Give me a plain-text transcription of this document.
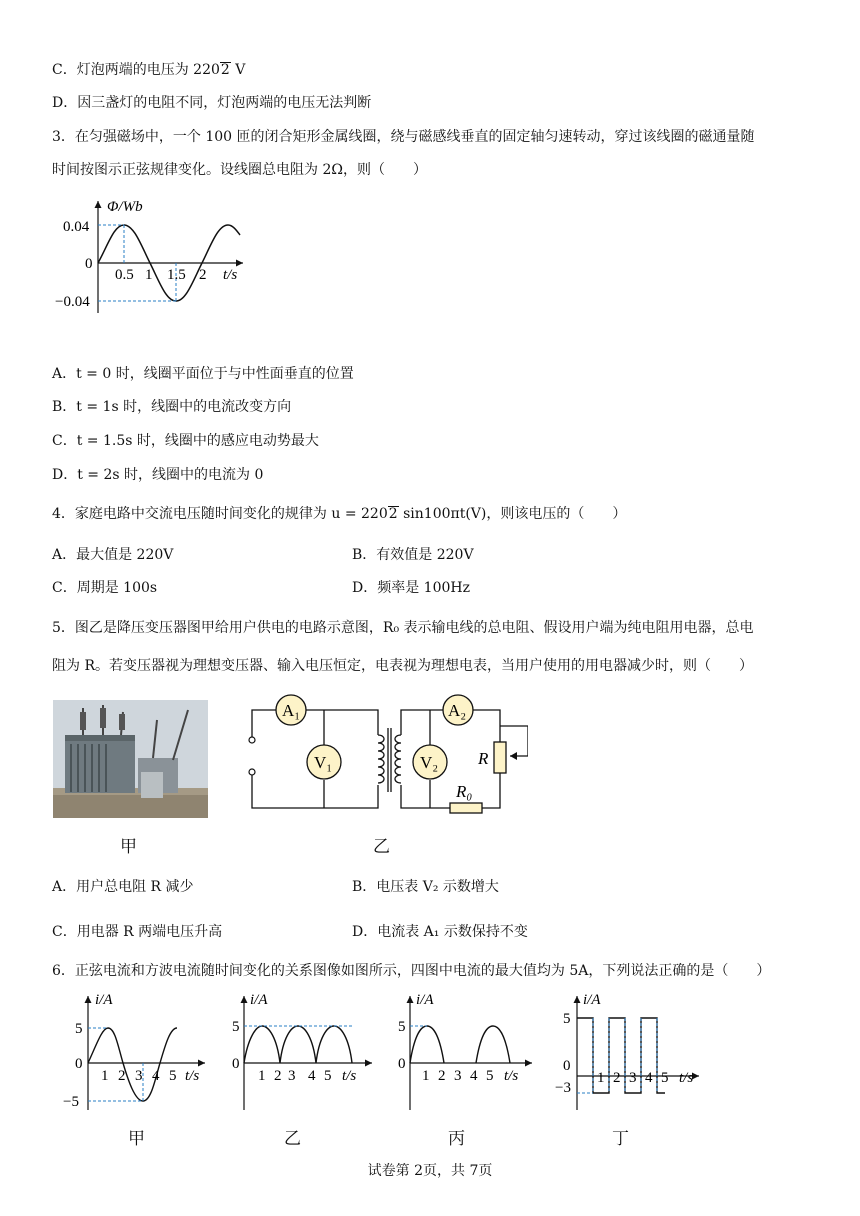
C．灯泡两端的电压为 2202 V
D．因三盏灯的电阻不同，灯泡两端的电压无法判断
3．在匀强磁场中，一个 100 匝的闭合矩形金属线圈，绕与磁感线垂直的固定轴匀速转动，穿过该线圈的磁通量随
时间按图示正弦规律变化。设线圈总电阻为 2Ω，则（　　）
Φ/Wb
0.04
0
−0.04
0.5 1 1.5 2 t/s
A．t = 0 时，线圈平面位于与中性面垂直的位置
B．t = 1s 时，线圈中的电流改变方向
C．t = 1.5s 时，线圈中的感应电动势最大
D．t = 2s 时，线圈中的电流为 0
4．家庭电路中交流电压随时间变化的规律为 u = 2202 sin100πt(V)，则该电压的（　　）
A．最大值是 220V	B．有效值是 220V
C．周期是 100s	D．频率是 100Hz
5．图乙是降压变压器图甲给用户供电的电路示意图，R₀ 表示输电线的总电阻、假设用户端为纯电阻用电器，总电
阻为 R。若变压器视为理想变压器、输入电压恒定，电表视为理想电表，当用户使用的用电器减少时，则（　　）
A₁
V₁
A₂
V₂ R
R₀
甲	乙
A．用户总电阻 R 减少	B．电压表 V₂ 示数增大
C．用电器 R 两端电压升高	D．电流表 A₁ 示数保持不变
6．正弦电流和方波电流随时间变化的关系图像如图所示，四图中电流的最大值均为 5A，下列说法正确的是（　　）
i/A
5
0
−5
1 2 3 4 5 t/s
i/A
5
0
1 2 3 4 5 t/s
i/A
5
0
1 2 3 4 5 t/s
i/A
5
0
−3
1 2 3 4 5 t/s
甲	乙	丙	丁
试卷第 2页，共 7页
